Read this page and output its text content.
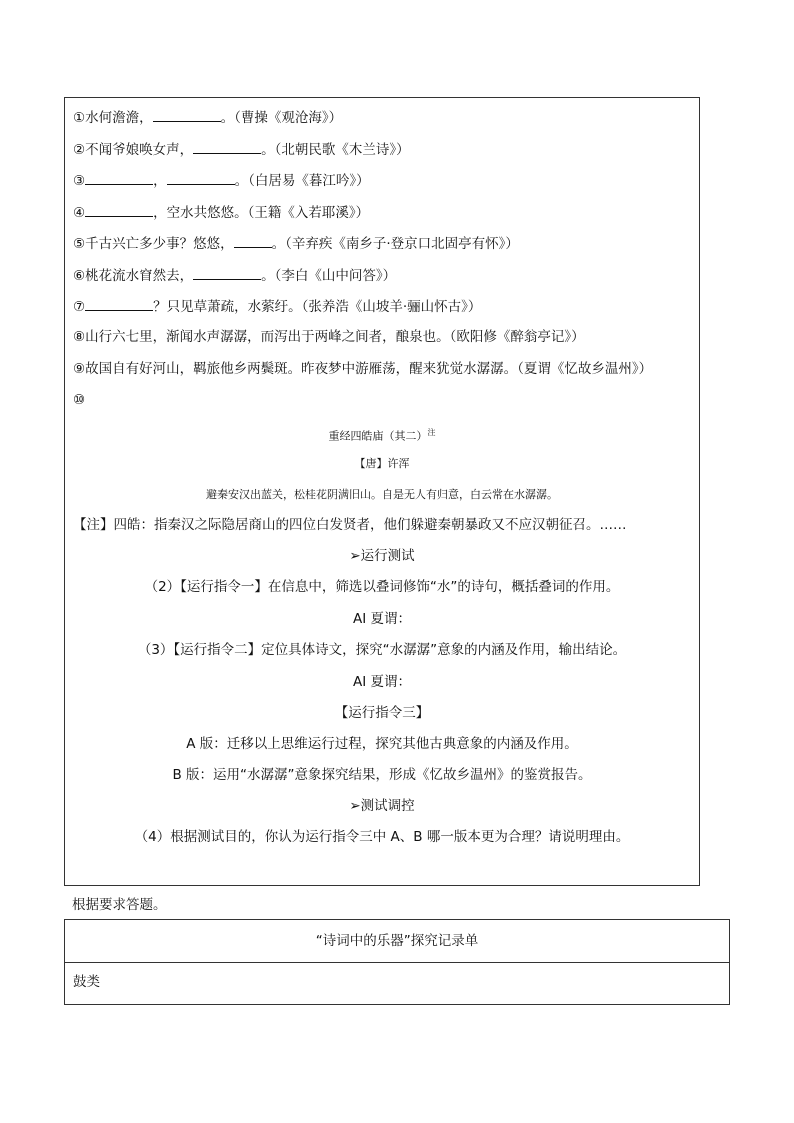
①水何澹澹，	。（曹操《观沧海》）
②不闻爷娘唤女声，	。（北朝民歌《木兰诗》）
③	，	。（白居易《暮江吟》）
④	，空水共悠悠。（王籍《入若耶溪》）
⑤千古兴亡多少事？悠悠，	。（辛弃疾《南乡子·登京口北固亭有怀》）
⑥桃花流水窅然去，	。（李白《山中问答》）
⑦	？只见草萧疏，水萦纡。（张养浩《山坡羊·骊山怀古》）
⑧山行六七里，渐闻水声潺潺，而泻出于两峰之间者，酿泉也。（欧阳修《醉翁亭记》）
⑨故国自有好河山，羁旅他乡两鬓斑。昨夜梦中游雁荡，醒来犹觉水潺潺。（夏谓《忆故乡温州》）
⑩
重经四皓庙（其二）$^注$
【唐】许浑
避秦安汉出蓝关，松桂花阴满旧山。自是无人有归意，白云常在水潺潺。
【注】四皓：指秦汉之际隐居商山的四位白发贤者，他们躲避秦朝暴政又不应汉朝征召。……
➢运行测试
（2）【运行指令一】在信息中，筛选以叠词修饰“水”的诗句，概括叠词的作用。
AI 夏谓：
（3）【运行指令二】定位具体诗文，探究“水潺潺”意象的内涵及作用，输出结论。
AI 夏谓：
【运行指令三】
A 版：迁移以上思维运行过程，探究其他古典意象的内涵及作用。
B 版：运用“水潺潺”意象探究结果，形成《忆故乡温州》的鉴赏报告。
➢测试调控
（4）根据测试目的，你认为运行指令三中 A、B 哪一版本更为合理？请说明理由。
根据要求答题。
“诗词中的乐器”探究记录单
鼓类
